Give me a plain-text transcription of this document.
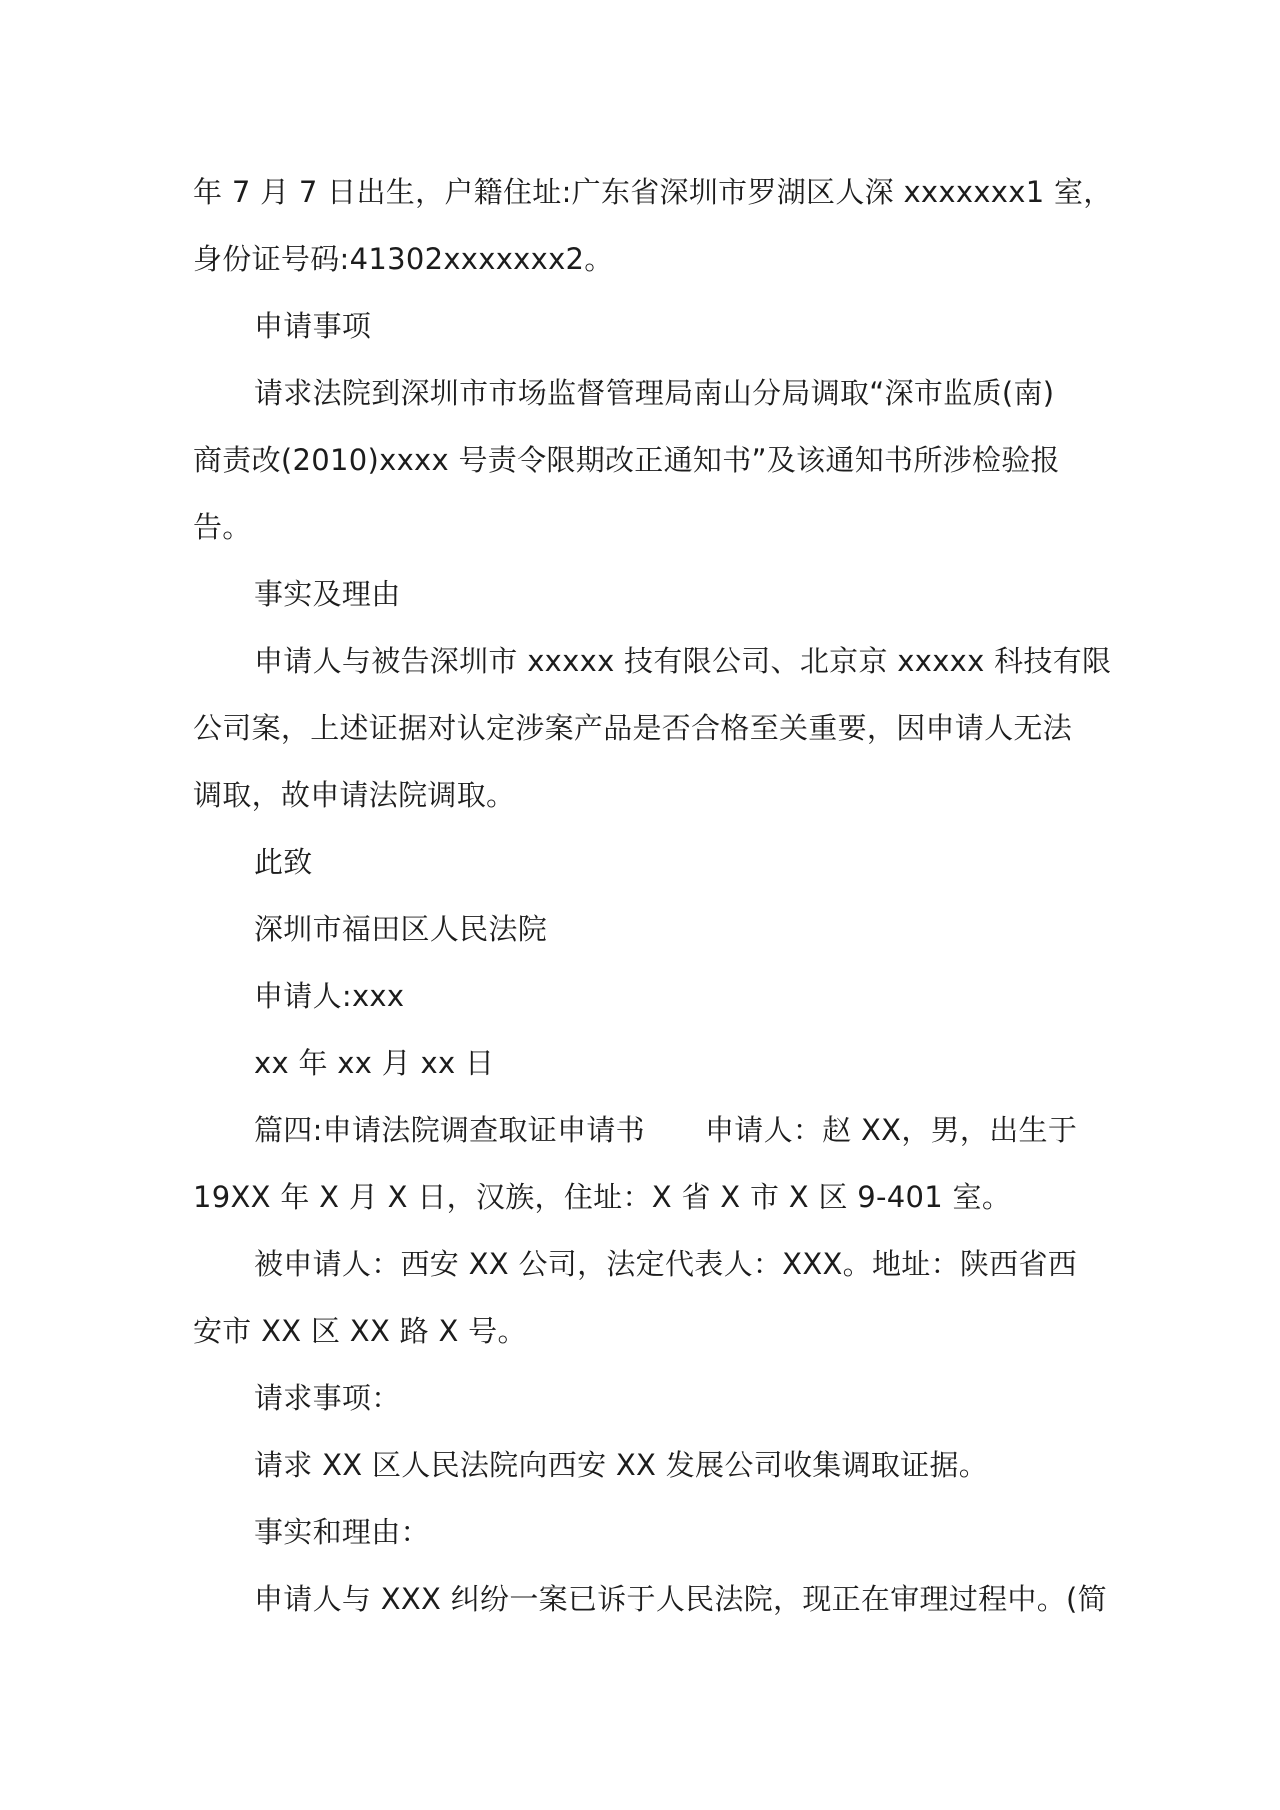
年 7 月 7 日出生，户籍住址:广东省深圳市罗湖区人深 xxxxxxx1 室，
身份证号码:41302xxxxxxx2。
申请事项
请求法院到深圳市市场监督管理局南山分局调取“深市监质(南)
商责改(2010)xxxx 号责令限期改正通知书”及该通知书所涉检验报
告。
事实及理由
申请人与被告深圳市 xxxxx 技有限公司、北京京 xxxxx 科技有限
公司案，上述证据对认定涉案产品是否合格至关重要，因申请人无法
调取，故申请法院调取。
此致
深圳市福田区人民法院
申请人:xxx
xx 年 xx 月 xx 日
篇四:申请法院调查取证申请书 申请人：赵 XX，男，出生于
19XX 年 X 月 X 日，汉族，住址：X 省 X 市 X 区 9-401 室。
被申请人：西安 XX 公司，法定代表人：XXX。地址：陕西省西
安市 XX 区 XX 路 X 号。
请求事项：
请求 XX 区人民法院向西安 XX 发展公司收集调取证据。
事实和理由：
申请人与 XXX 纠纷一案已诉于人民法院，现正在审理过程中。(简
